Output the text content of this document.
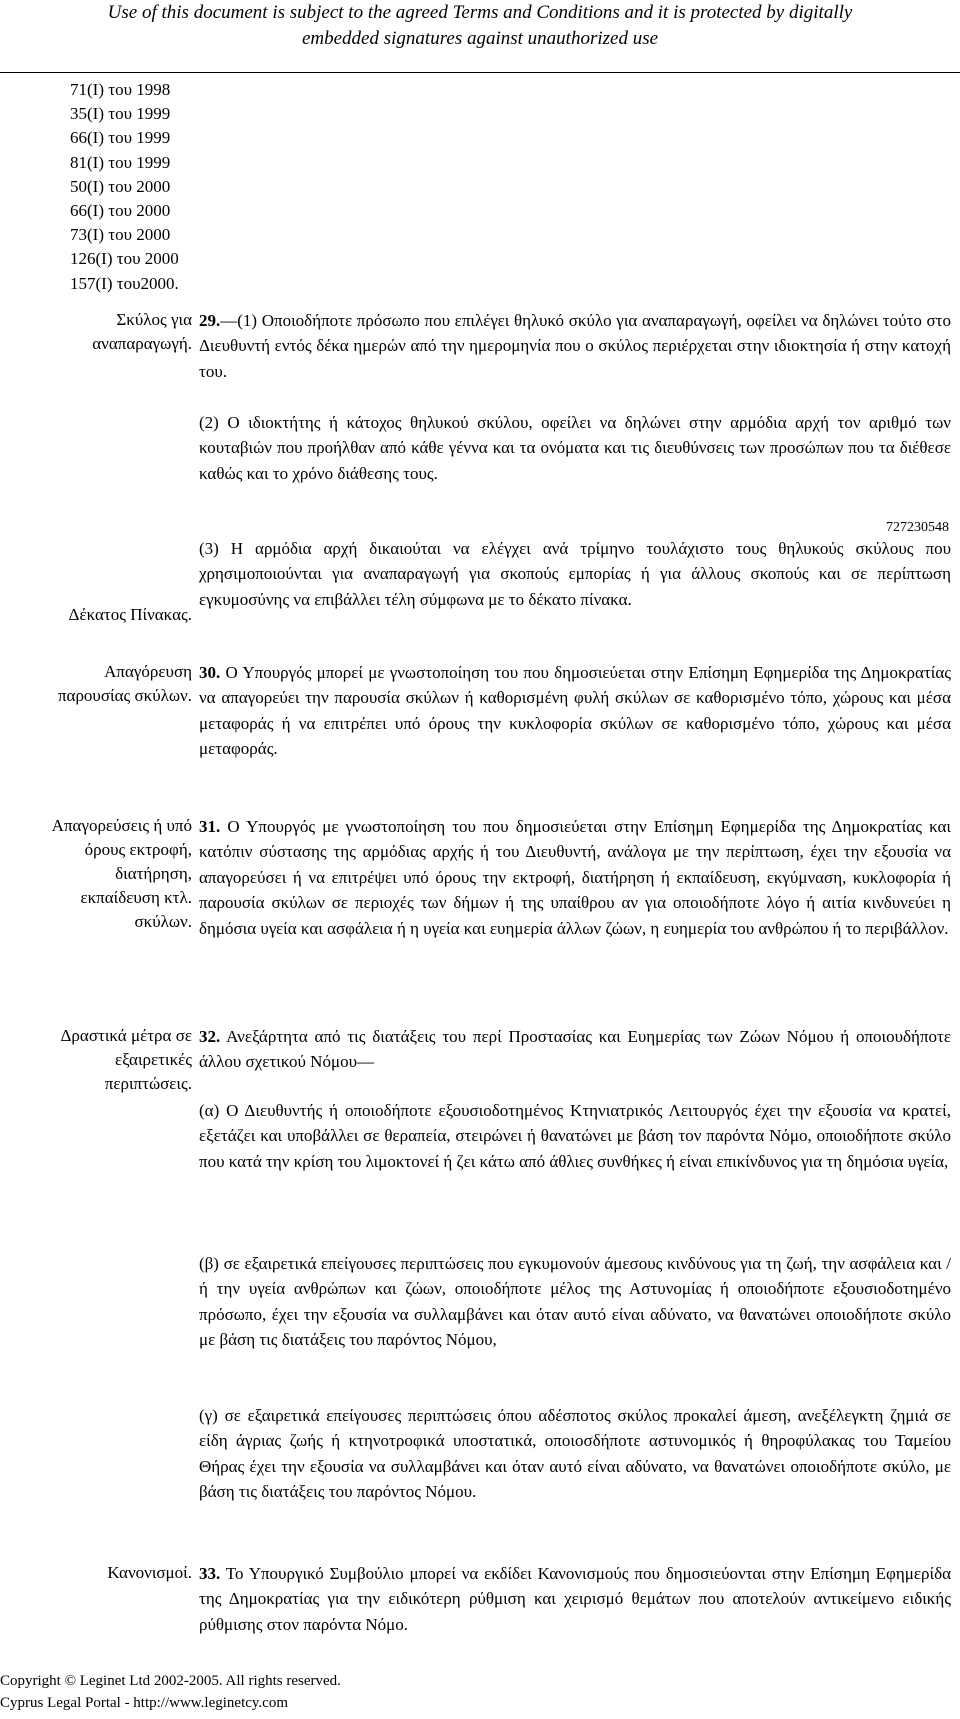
Use of this document is subject to the agreed Terms and Conditions and it is protected by digitally
embedded signatures against unauthorized use
71(Ι) του 1998
35(Ι) του 1999
66(Ι) του 1999
81(Ι) του 1999
50(Ι) του 2000
66(Ι) του 2000
73(Ι) του 2000
126(Ι) του 2000
157(Ι) του2000.
Σκύλος για
αναπαραγωγή.
Δέκατος Πίνακας.
Απαγόρευση
παρουσίας σκύλων.
Απαγορεύσεις ή υπό
όρους εκτροφή,
διατήρηση,
εκπαίδευση κτλ.
σκύλων.
Δραστικά μέτρα σε
εξαιρετικές
περιπτώσεις.
Κανονισμοί.
29.—(1) Οποιοδήποτε πρόσωπο που επιλέγει θηλυκό σκύλο για αναπαραγωγή, οφείλει να δηλώνει τούτο στο Διευθυντή εντός δέκα ημερών από την ημερομηνία που ο σκύλος περιέρχεται στην ιδιοκτησία ή στην κατοχή του.
(2) Ο ιδιοκτήτης ή κάτοχος θηλυκού σκύλου, οφείλει να δηλώνει στην αρμόδια αρχή τον αριθμό των κουταβιών που προήλθαν από κάθε γέννα και τα ονόματα και τις διευθύνσεις των προσώπων που τα διέθεσε καθώς και το χρόνο διάθεσης τους.
727230548
(3) Η αρμόδια αρχή δικαιούται να ελέγχει ανά τρίμηνο τουλάχιστο τους θηλυκούς σκύλους που χρησιμοποιούνται για αναπαραγωγή για σκοπούς εμπορίας ή για άλλους σκοπούς και σε περίπτωση εγκυμοσύνης να επιβάλλει τέλη σύμφωνα με το δέκατο πίνακα.
30. Ο Υπουργός μπορεί με γνωστοποίηση του που δημοσιεύεται στην Επίσημη Εφημερίδα της Δημοκρατίας να απαγορεύει την παρουσία σκύλων ή καθορισμένη φυλή σκύλων σε καθορισμένο τόπο, χώρους και μέσα μεταφοράς ή να επιτρέπει υπό όρους την κυκλοφορία σκύλων σε καθορισμένο τόπο, χώρους και μέσα μεταφοράς.
31. Ο Υπουργός με γνωστοποίηση του που δημοσιεύεται στην Επίσημη Εφημερίδα της Δημοκρατίας και κατόπιν σύστασης της αρμόδιας αρχής ή του Διευθυντή, ανάλογα με την περίπτωση, έχει την εξουσία να απαγορεύσει ή να επιτρέψει υπό όρους την εκτροφή, διατήρηση ή εκπαίδευση, εκγύμναση, κυκλοφορία ή παρουσία σκύλων σε περιοχές των δήμων ή της υπαίθρου αν για οποιοδήποτε λόγο ή αιτία κινδυνεύει η δημόσια υγεία και ασφάλεια ή η υγεία και ευημερία άλλων ζώων, η ευημερία του ανθρώπου ή το περιβάλλον.
32. Ανεξάρτητα από τις διατάξεις του περί Προστασίας και Ευημερίας των Ζώων Νόμου ή οποιουδήποτε άλλου σχετικού Νόμου—
(α) Ο Διευθυντής ή οποιοδήποτε εξουσιοδοτημένος Κτηνιατρικός Λειτουργός έχει την εξουσία να κρατεί, εξετάζει και υποβάλλει σε θεραπεία, στειρώνει ή θανατώνει με βάση τον παρόντα Νόμο, οποιοδήποτε σκύλο που κατά την κρίση του λιμοκτονεί ή ζει κάτω από άθλιες συνθήκες ή είναι επικίνδυνος για τη δημόσια υγεία,
(β) σε εξαιρετικά επείγουσες περιπτώσεις που εγκυμονούν άμεσους κινδύνους για τη ζωή, την ασφάλεια και /ή την υγεία ανθρώπων και ζώων, οποιοδήποτε μέλος της Αστυνομίας ή οποιοδήποτε εξουσιοδοτημένο πρόσωπο, έχει την εξουσία να συλλαμβάνει και όταν αυτό είναι αδύνατο, να θανατώνει οποιοδήποτε σκύλο με βάση τις διατάξεις του παρόντος Νόμου,
(γ) σε εξαιρετικά επείγουσες περιπτώσεις όπου αδέσποτος σκύλος προκαλεί άμεση, ανεξέλεγκτη ζημιά σε είδη άγριας ζωής ή κτηνοτροφικά υποστατικά, οποιοσδήποτε αστυνομικός ή θηροφύλακας του Ταμείου Θήρας έχει την εξουσία να συλλαμβάνει και όταν αυτό είναι αδύνατο, να θανατώνει οποιοδήποτε σκύλο, με βάση τις διατάξεις του παρόντος Νόμου.
33. Το Υπουργικό Συμβούλιο μπορεί να εκδίδει Κανονισμούς που δημοσιεύονται στην Επίσημη Εφημερίδα της Δημοκρατίας για την ειδικότερη ρύθμιση και χειρισμό θεμάτων που αποτελούν αντικείμενο ειδικής ρύθμισης στον παρόντα Νόμο.
Copyright © Leginet Ltd 2002-2005. All rights reserved.
Cyprus Legal Portal - http://www.leginetcy.com
